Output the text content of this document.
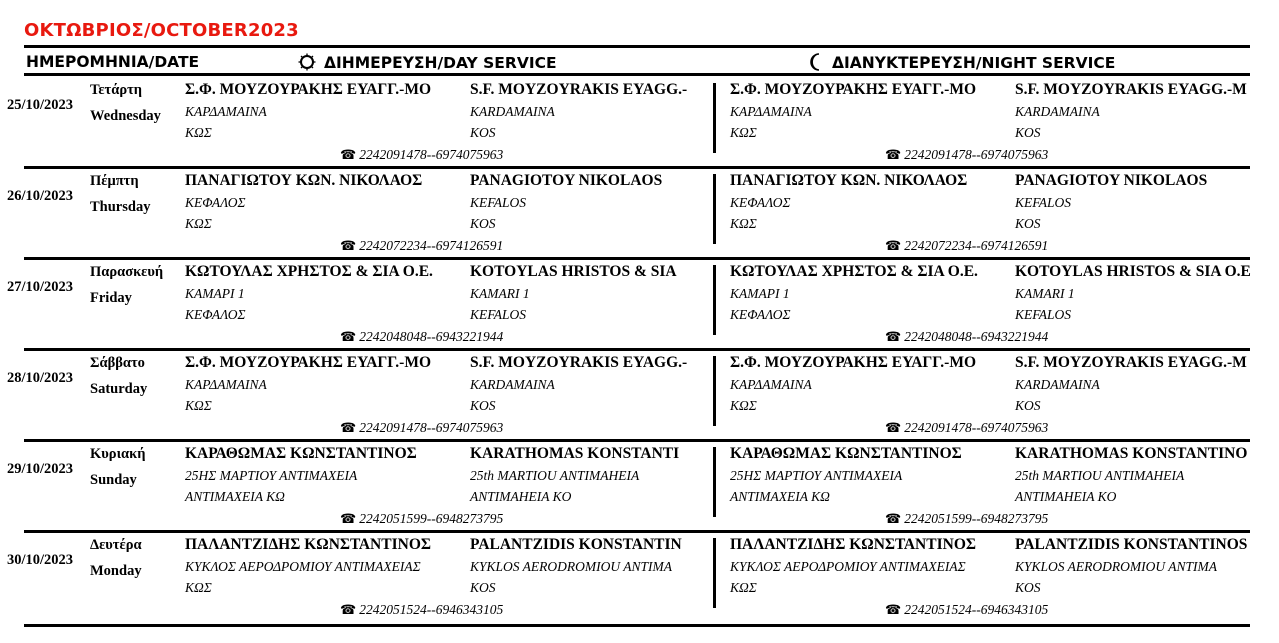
ΟΚΤΩΒΡΙΟΣ/OCTOBER2023
ΗΜΕΡΟΜΗΝΙΑ/DATE	ΔΙΗΜΕΡΕΥΣΗ/DAY SERVICE	ΔΙΑΝΥΚΤΕΡΕΥΣΗ/NIGHT SERVICE
25/10/2023
Τετάρτη
Wednesday
Σ.Φ. ΜΟΥΖΟΥΡΑΚΗΣ ΕΥΑΓΓ.-ΜΟ	S.F. MOYZOYRAKIS EYAGG.-
ΚΑΡΔΑΜΑΙΝΑ	KARDAMAINA
ΚΩΣ	KOS
☎ 2242091478--6974075963
Σ.Φ. ΜΟΥΖΟΥΡΑΚΗΣ ΕΥΑΓΓ.-ΜΟ	S.F. MOYZOYRAKIS EYAGG.-M
ΚΑΡΔΑΜΑΙΝΑ	KARDAMAINA
ΚΩΣ	KOS
☎ 2242091478--6974075963
26/10/2023
Πέμπτη
Thursday
ΠΑΝΑΓΙΩΤΟΥ ΚΩΝ. ΝΙΚΟΛΑΟΣ	PANAGIOTOY NIKOLAOS
ΚΕΦΑΛΟΣ	KEFALOS
ΚΩΣ	KOS
☎ 2242072234--6974126591
ΠΑΝΑΓΙΩΤΟΥ ΚΩΝ. ΝΙΚΟΛΑΟΣ	PANAGIOTOY NIKOLAOS
ΚΕΦΑΛΟΣ	KEFALOS
ΚΩΣ	KOS
☎ 2242072234--6974126591
27/10/2023
Παρασκευή
Friday
ΚΩΤΟΥΛΑΣ ΧΡΗΣΤΟΣ & ΣΙΑ Ο.Ε. KOTOYLAS HRISTOS & SIA
ΚΑΜΑΡΙ 1	KAMARI 1
ΚΕΦΑΛΟΣ	KEFALOS
☎ 2242048048--6943221944
ΚΩΤΟΥΛΑΣ ΧΡΗΣΤΟΣ & ΣΙΑ Ο.Ε. KOTOYLAS HRISTOS & SIA O.E
ΚΑΜΑΡΙ 1	KAMARI 1
ΚΕΦΑΛΟΣ	KEFALOS
☎ 2242048048--6943221944
28/10/2023
Σάββατο
Saturday
Σ.Φ. ΜΟΥΖΟΥΡΑΚΗΣ ΕΥΑΓΓ.-ΜΟ	S.F. MOYZOYRAKIS EYAGG.-
ΚΑΡΔΑΜΑΙΝΑ	KARDAMAINA
ΚΩΣ	KOS
☎ 2242091478--6974075963
Σ.Φ. ΜΟΥΖΟΥΡΑΚΗΣ ΕΥΑΓΓ.-ΜΟ	S.F. MOYZOYRAKIS EYAGG.-M
ΚΑΡΔΑΜΑΙΝΑ	KARDAMAINA
ΚΩΣ	KOS
☎ 2242091478--6974075963
29/10/2023
Κυριακή
Sunday
ΚΑΡΑΘΩΜΑΣ ΚΩΝΣΤΑΝΤΙΝΟΣ	KARATHOMAS KONSTANTI
25ΗΣ ΜΑΡΤΙΟΥ ΑΝΤΙΜΑΧΕΙΑ	25th MARTIOU ANTIMAHEIA
ΑΝΤΙΜΑΧΕΙΑ ΚΩ	ANTIMAHEIA KO
☎ 2242051599--6948273795
ΚΑΡΑΘΩΜΑΣ ΚΩΝΣΤΑΝΤΙΝΟΣ	KARATHOMAS KONSTANTINO
25ΗΣ ΜΑΡΤΙΟΥ ΑΝΤΙΜΑΧΕΙΑ	25th MARTIOU ANTIMAHEIA
ΑΝΤΙΜΑΧΕΙΑ ΚΩ	ANTIMAHEIA KO
☎ 2242051599--6948273795
30/10/2023
Δευτέρα
Monday
ΠΑΛΑΝΤΖΙΔΗΣ ΚΩΝΣΤΑΝΤΙΝΟΣ	PALANTZIDIS KONSTANTIN
ΚΥΚΛΟΣ ΑΕΡΟΔΡΟΜΙΟΥ ΑΝΤΙΜΑΧΕΙΑΣ	KYKLOS AERODROMIOU ANTIMA
ΚΩΣ	KOS
☎ 2242051524--6946343105
ΠΑΛΑΝΤΖΙΔΗΣ ΚΩΝΣΤΑΝΤΙΝΟΣ	PALANTZIDIS KONSTANTINOS
ΚΥΚΛΟΣ ΑΕΡΟΔΡΟΜΙΟΥ ΑΝΤΙΜΑΧΕΙΑΣ	KYKLOS AERODROMIOU ANTIMA
ΚΩΣ	KOS
☎ 2242051524--6946343105
